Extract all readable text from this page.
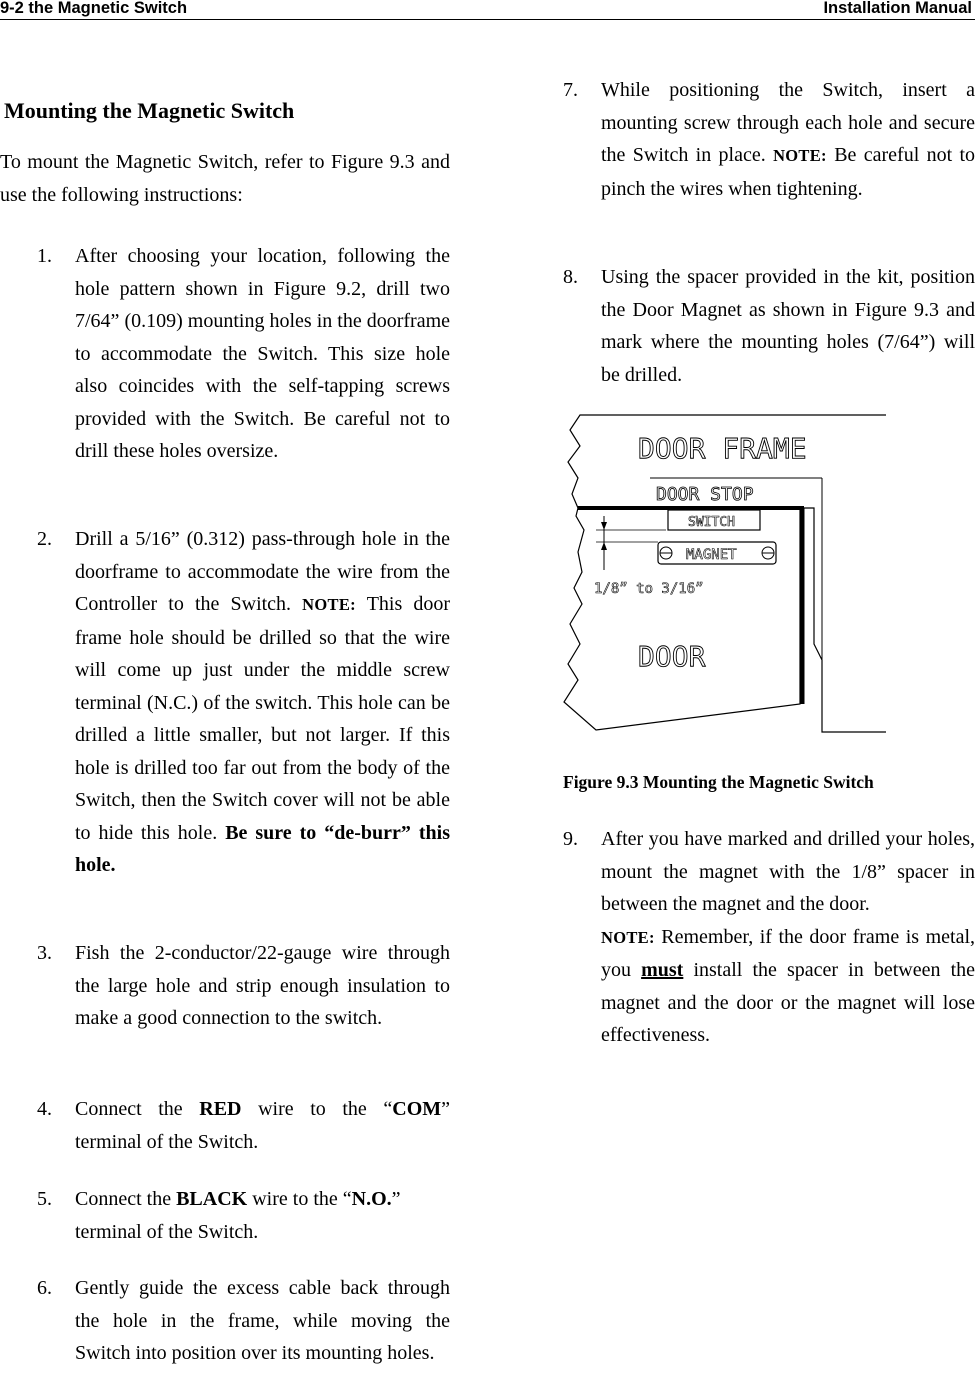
9-2 the Magnetic Switch	Installation Manual
Mounting the Magnetic Switch
To mount the Magnetic Switch, refer to Figure 9.3 and use the following instructions:
1. After choosing your location, following the hole pattern shown in Figure 9.2, drill two 7/64” (0.109) mounting holes in the doorframe to accommodate the Switch. This size hole also coincides with the self-tapping screws provided with the Switch. Be careful not to drill these holes oversize.
2. Drill a 5/16” (0.312) pass-through hole in the doorframe to accommodate the wire from the Controller to the Switch. NOTE: This door frame hole should be drilled so that the wire will come up just under the middle screw terminal (N.C.) of the switch. This hole can be drilled a little smaller, but not larger. If this hole is drilled too far out from the body of the Switch, then the Switch cover will not be able to hide this hole. Be sure to “de-burr” this hole.
3. Fish the 2-conductor/22-gauge wire through the large hole and strip enough insulation to make a good connection to the switch.
4. Connect the RED wire to the “COM” terminal of the Switch.
5. Connect the BLACK wire to the “N.O.” terminal of the Switch.
6. Gently guide the excess cable back through the hole in the frame, while moving the Switch into position over its mounting holes.
7. While positioning the Switch, insert a mounting screw through each hole and secure the Switch in place. NOTE: Be careful not to pinch the wires when tightening.
8. Using the spacer provided in the kit, position the Door Magnet as shown in Figure 9.3 and mark where the mounting holes (7/64”) will be drilled.
DOOR FRAME
DOOR STOP
SWITCH
MAGNET
1/8” to 3/16”
DOOR
Figure 9.3 Mounting the Magnetic Switch
9. After you have marked and drilled your holes, mount the magnet with the 1/8” spacer in between the magnet and the door.
NOTE: Remember, if the door frame is metal, you must install the spacer in between the magnet and the door or the magnet will lose effectiveness.
